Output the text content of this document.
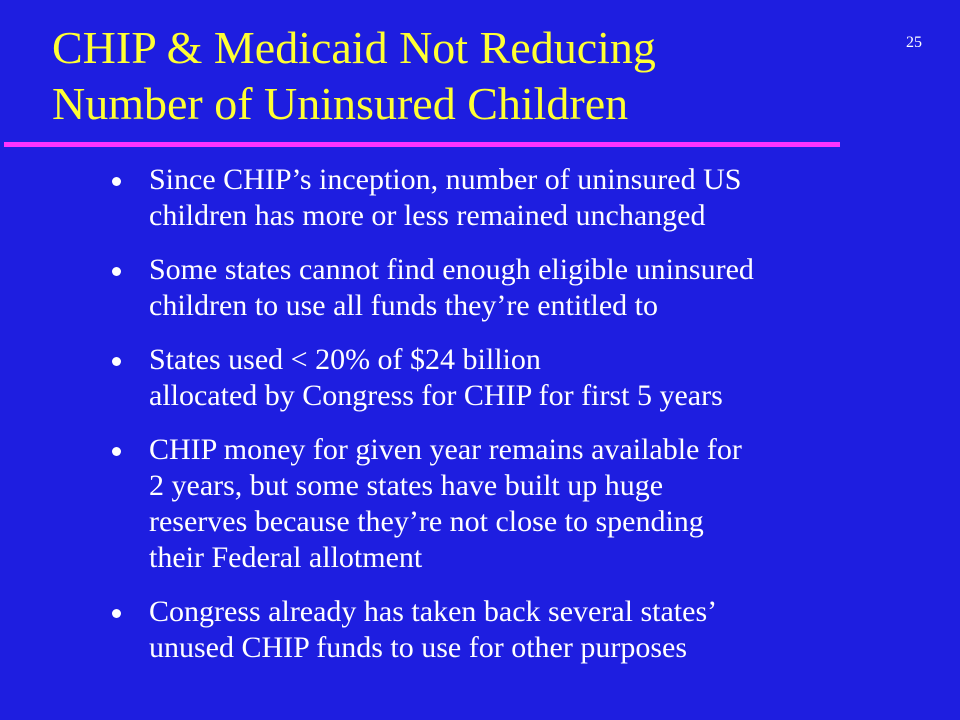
CHIP & Medicaid Not Reducing
Number of Uninsured Children
25
Since CHIP’s inception, number of uninsured US
children has more or less remained unchanged
Some states cannot find enough eligible uninsured
children to use all funds they’re entitled to
States used < 20% of $24 billion
allocated by Congress for CHIP for first 5 years
CHIP money for given year remains available for
2 years, but some states have built up huge
reserves because they’re not close to spending
their Federal allotment
Congress already has taken back several states’
unused CHIP funds to use for other purposes
